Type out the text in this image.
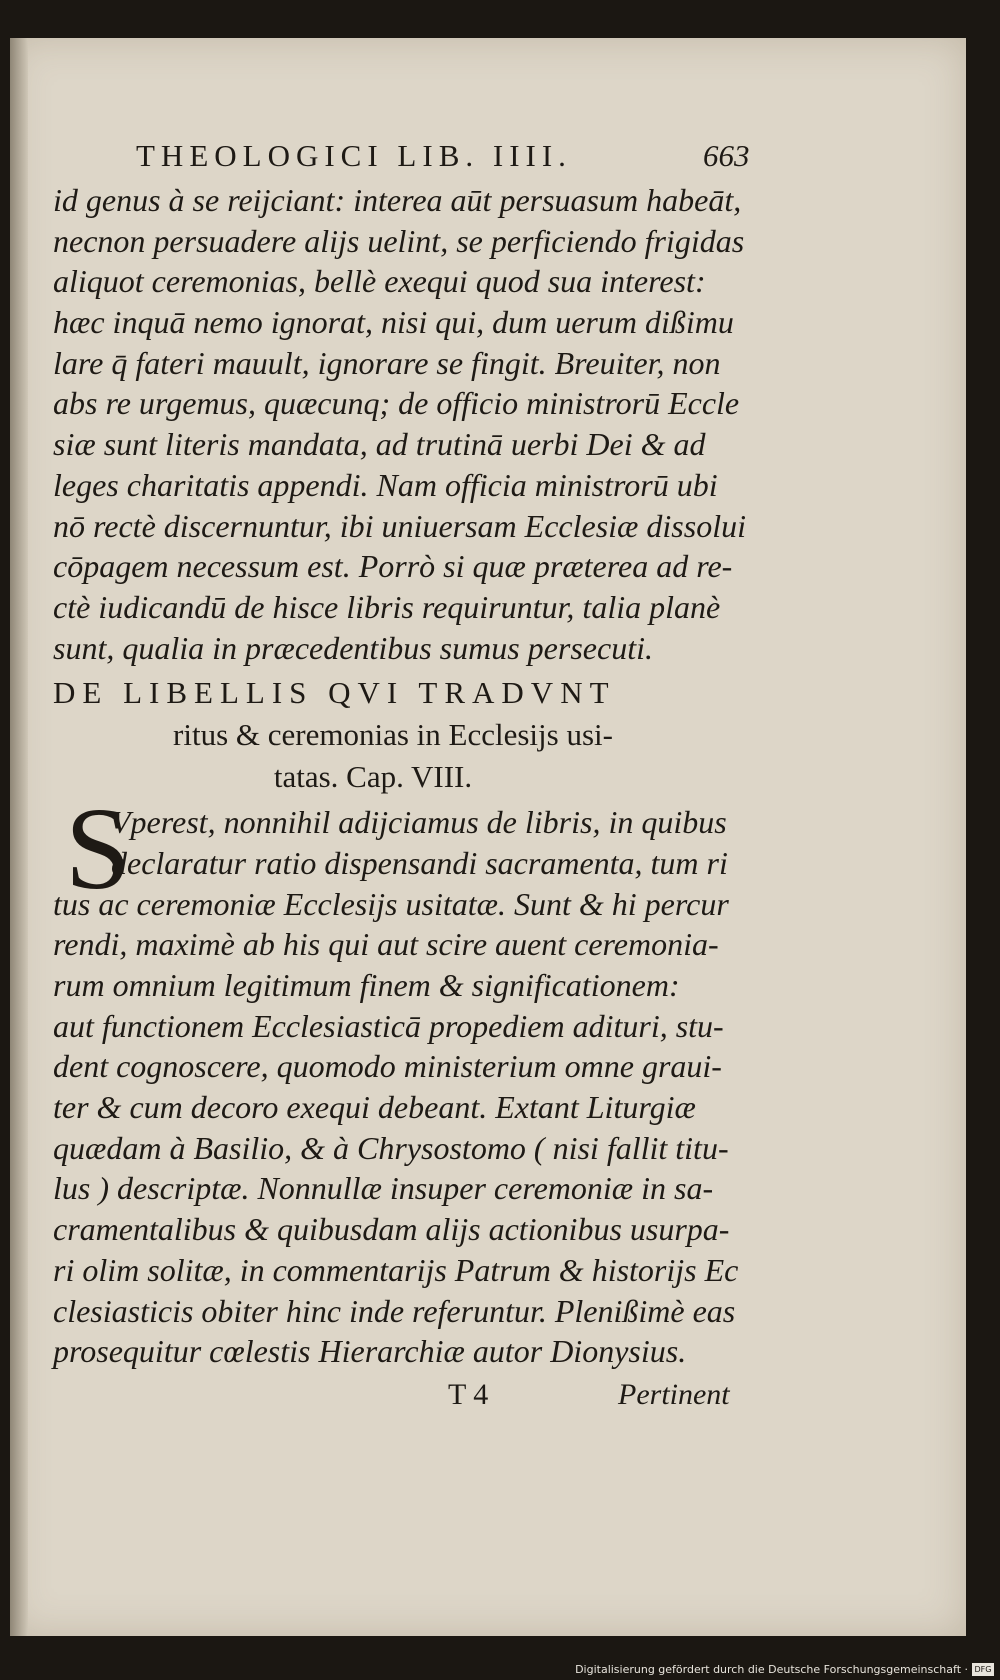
THEOLOGICI LIB. IIII.	663
id genus à se reijciant: interea aūt persuasum habeāt,
necnon persuadere alijs uelint, se perficiendo frigidas
aliquot ceremonias, bellè exequi quod sua interest:
hæc inquā nemo ignorat, nisi qui, dum uerum dißimu
lare q̄ fateri mauult, ignorare se fingit. Breuiter, non
abs re urgemus, quæcunq; de officio ministrorū Eccle
siæ sunt literis mandata, ad trutinā uerbi Dei & ad
leges charitatis appendi. Nam officia ministrorū ubi
nō rectè discernuntur, ibi uniuersam Ecclesiæ dissolui
cōpagem necessum est. Porrò si quæ præterea ad re-
ctè iudicandū de hisce libris requiruntur, talia planè
sunt, qualia in præcedentibus sumus persecuti.
DE LIBELLIS QVI TRADVNT
ritus & ceremonias in Ecclesijs usi-
tatas. Cap. VIII.
S
Vperest, nonnihil adijciamus de libris, in quibus
declaratur ratio dispensandi sacramenta, tum ri
tus ac ceremoniæ Ecclesijs usitatæ. Sunt & hi percur
rendi, maximè ab his qui aut scire auent ceremonia-
rum omnium legitimum finem & significationem:
aut functionem Ecclesiasticā propediem adituri, stu-
dent cognoscere, quomodo ministerium omne graui-
ter & cum decoro exequi debeant. Extant Liturgiæ
quædam à Basilio, & à Chrysostomo ( nisi fallit titu-
lus ) descriptæ. Nonnullæ insuper ceremoniæ in sa-
cramentalibus & quibusdam alijs actionibus usurpa-
ri olim solitæ, in commentarijs Patrum & historijs Ec
clesiasticis obiter hinc inde referuntur. Plenißimè eas
prosequitur cœlestis Hierarchiæ autor Dionysius.
T 4	Pertinent
Digitalisierung gefördert durch die Deutsche Forschungsgemeinschaft · DFG
